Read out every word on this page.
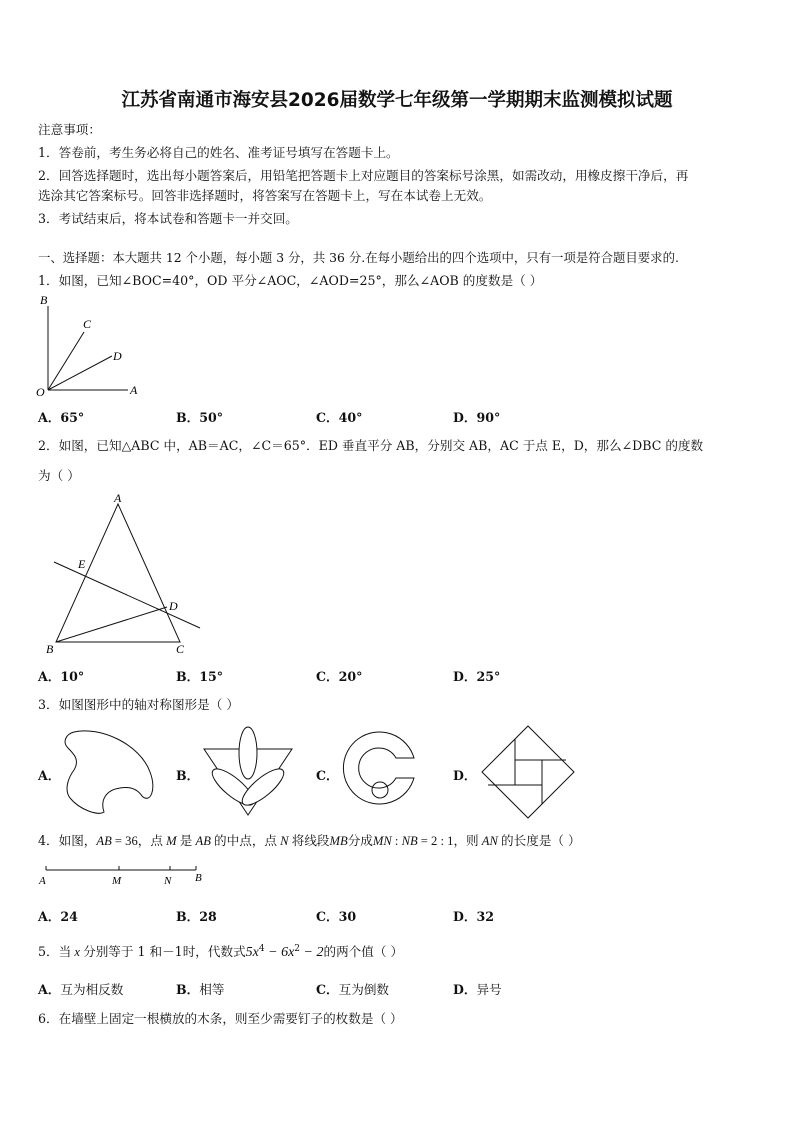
江苏省南通市海安县2026届数学七年级第一学期期末监测模拟试题
注意事项：
1．答卷前，考生务必将自己的姓名、准考证号填写在答题卡上。
2．回答选择题时，选出每小题答案后，用铅笔把答题卡上对应题目的答案标号涂黑，如需改动，用橡皮擦干净后，再
选涂其它答案标号。回答非选择题时，将答案写在答题卡上，写在本试卷上无效。
3．考试结束后，将本试卷和答题卡一并交回。
一、选择题：本大题共 12 个小题，每小题 3 分，共 36 分.在每小题给出的四个选项中，只有一项是符合题目要求的.
1．如图，已知∠BOC=40°，OD 平分∠AOC，∠AOD=25°，那么∠AOB 的度数是（ ）
B
C
D
O	A
A．65°	B．50°	C．40°	D．90°
2．如图，已知△ABC 中，AB＝AC，∠C＝65°．ED 垂直平分 AB，分别交 AB，AC 于点 E，D，那么∠DBC 的度数
为（ ）
A
E
D
B	C
A．10°	B．15°	C．20°	D．25°
3．如图图形中的轴对称图形是（ ）
A．	B．	C．	D．
4．如图，AB = 36，点 M 是 AB 的中点，点 N 将线段MB分成MN : NB = 2 : 1，则 AN 的长度是（ ）
A	M	N B
A．24	B．28	C．30	D．32
5．当 x 分别等于 1 和－1时，代数式$5x^4 - 6x^2 - 2$的两个值（ ）
A．互为相反数	B．相等	C．互为倒数	D．异号
6．在墙壁上固定一根横放的木条，则至少需要钉子的枚数是（ ）
